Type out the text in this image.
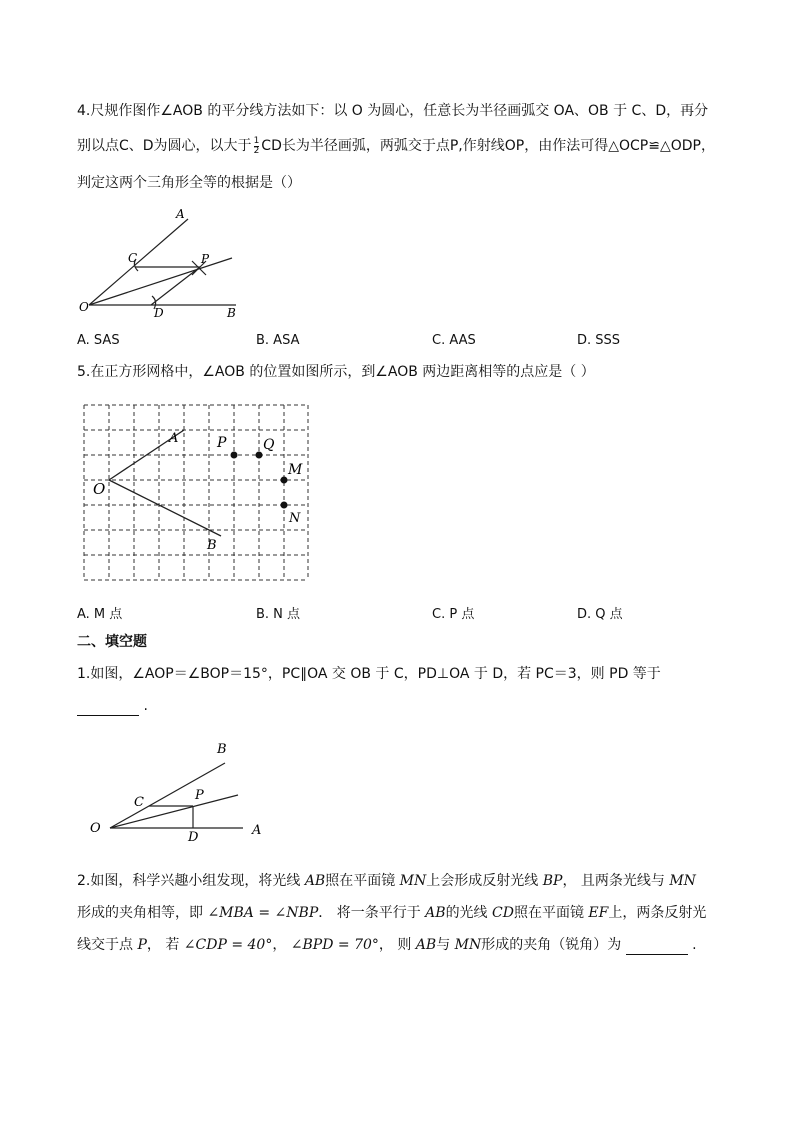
4.尺规作图作∠AOB 的平分线方法如下：以 O 为圆心，任意长为半径画弧交 OA、OB 于 C、D，再分
别以点C、D为圆心，以大于 $\frac{1}{2}$ CD长为半径画弧，两弧交于点P,作射线OP，由作法可得△OCP≌△ODP，
判定这两个三角形全等的根据是（）
A
C	P
O	D	B
A. SAS	B. ASA	C. AAS	D. SSS
5.在正方形网格中，∠AOB 的位置如图所示，到∠AOB 两边距离相等的点应是（ ）
A
O
B
P	Q
M
N
A. M 点	B. N 点	C. P 点	D. Q 点
二、填空题
1.如图，∠AOP＝∠BOP＝15°，PC∥OA 交 OB 于 C，PD⊥OA 于 D，若 PC＝3，则 PD 等于
.
B
C	P
O
D	A
2.如图，科学兴趣小组发现，将光线 AB照在平面镜 MN上会形成反射光线 BP， 且两条光线与 MN
形成的夹角相等，即 ∠MBA = ∠NBP． 将一条平行于 AB的光线 CD照在平面镜 EF上，两条反射光
线交于点 P， 若 ∠CDP = 40°， ∠BPD = 70°， 则 AB与 MN形成的夹角（锐角）为	.
